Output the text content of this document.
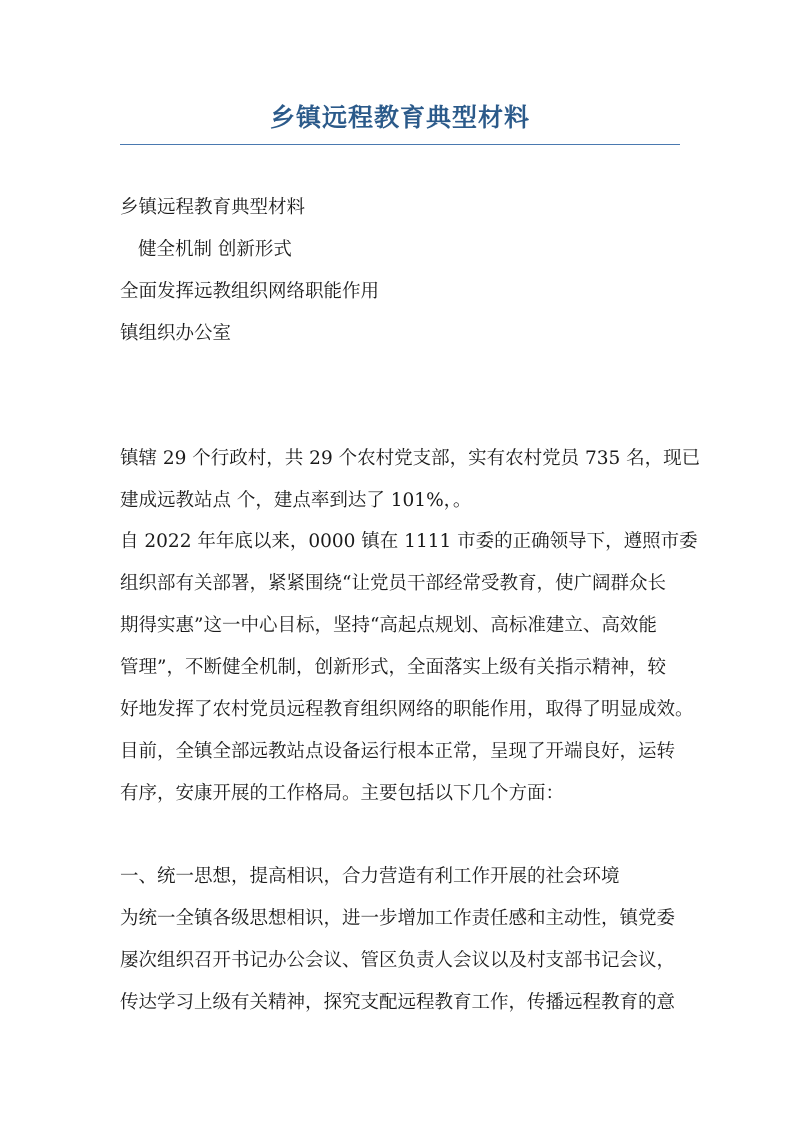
乡镇远程教育典型材料

乡镇远程教育典型材料

健全机制 创新形式

全面发挥远教组织网络职能作用

镇组织办公室

镇辖 29 个行政村，共 29 个农村党支部，实有农村党员 735 名，现已

建成远教站点 个，建点率到达了 101%，。

自 2022 年年底以来，0000 镇在 1111 市委的正确领导下，遵照市委

组织部有关部署，紧紧围绕“让党员干部经常受教育，使广阔群众长

期得实惠”这一中心目标，坚持“高起点规划、高标准建立、高效能

管理”，不断健全机制，创新形式，全面落实上级有关指示精神，较

好地发挥了农村党员远程教育组织网络的职能作用，取得了明显成效。

目前，全镇全部远教站点设备运行根本正常，呈现了开端良好，运转

有序，安康开展的工作格局。主要包括以下几个方面：

一、统一思想，提高相识，合力营造有利工作开展的社会环境

为统一全镇各级思想相识，进一步增加工作责任感和主动性，镇党委

屡次组织召开书记办公会议、管区负责人会议以及村支部书记会议，

传达学习上级有关精神，探究支配远程教育工作，传播远程教育的意
